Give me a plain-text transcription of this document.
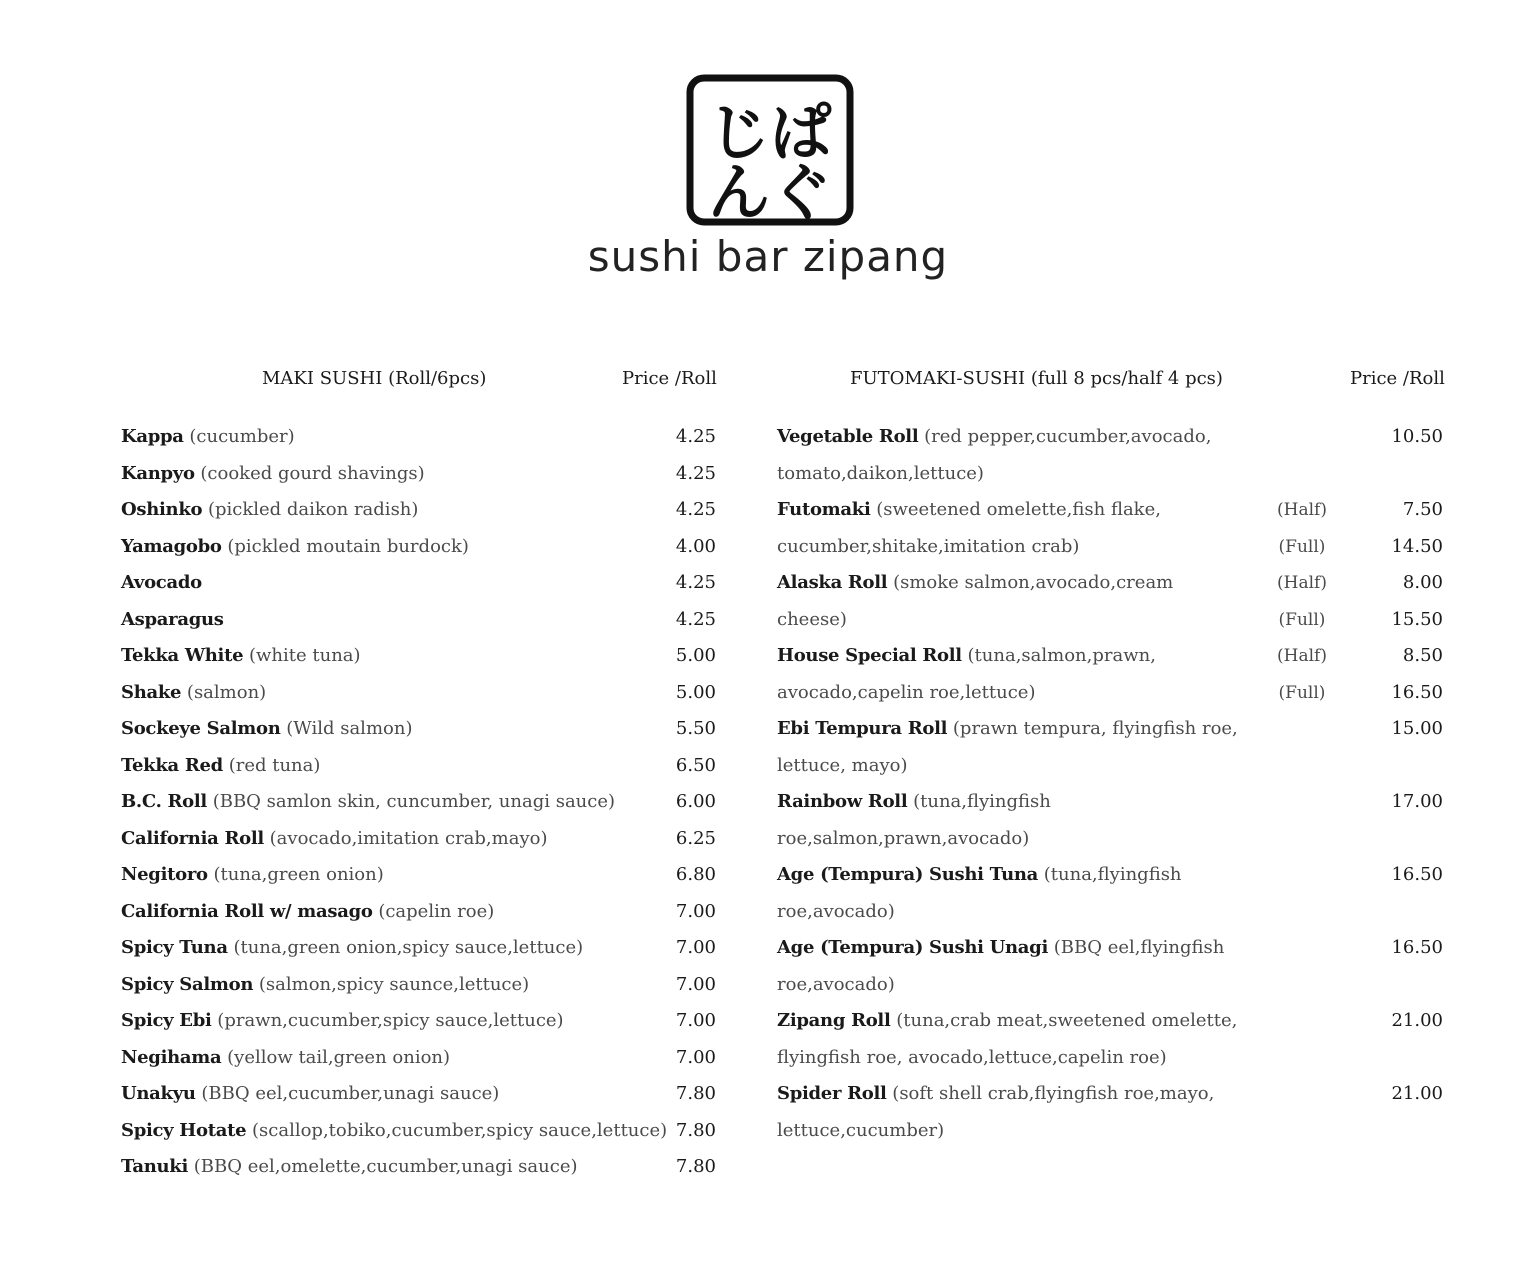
じぱ
んぐ
sushi bar zipang
MAKI SUSHI (Roll/6pcs)	Price /Roll	FUTOMAKI-SUSHI (full 8 pcs/half 4 pcs)	Price /Roll
Kappa (cucumber)	4.25
Kanpyo (cooked gourd shavings)	4.25
Oshinko (pickled daikon radish)	4.25
Yamagobo (pickled moutain burdock)	4.00
Avocado	4.25
Asparagus	4.25
Tekka White (white tuna)	5.00
Shake (salmon)	5.00
Sockeye Salmon (Wild salmon)	5.50
Tekka Red (red tuna)	6.50
B.C. Roll (BBQ samlon skin, cuncumber, unagi sauce)	6.00
California Roll (avocado,imitation crab,mayo)	6.25
Negitoro (tuna,green onion)	6.80
California Roll w/ masago (capelin roe)	7.00
Spicy Tuna (tuna,green onion,spicy sauce,lettuce)	7.00
Spicy Salmon (salmon,spicy saunce,lettuce)	7.00
Spicy Ebi (prawn,cucumber,spicy sauce,lettuce)	7.00
Negihama (yellow tail,green onion)	7.00
Unakyu (BBQ eel,cucumber,unagi sauce)	7.80
Spicy Hotate (scallop,tobiko,cucumber,spicy sauce,lettuce) 7.80
Tanuki (BBQ eel,omelette,cucumber,unagi sauce)	7.80
Vegetable Roll (red pepper,cucumber,avocado,	10.50
tomato,daikon,lettuce)
Futomaki (sweetened omelette,fish flake,	(Half)	7.50
cucumber,shitake,imitation crab)	(Full)	14.50
Alaska Roll (smoke salmon,avocado,cream	(Half)	8.00
cheese)	(Full)	15.50
House Special Roll (tuna,salmon,prawn,	(Half)	8.50
avocado,capelin roe,lettuce)	(Full)	16.50
Ebi Tempura Roll (prawn tempura, flyingfish roe,	15.00
lettuce, mayo)
Rainbow Roll (tuna,flyingfish	17.00
roe,salmon,prawn,avocado)
Age (Tempura) Sushi Tuna (tuna,flyingfish	16.50
roe,avocado)
Age (Tempura) Sushi Unagi (BBQ eel,flyingfish	16.50
roe,avocado)
Zipang Roll (tuna,crab meat,sweetened omelette,	21.00
flyingfish roe, avocado,lettuce,capelin roe)
Spider Roll (soft shell crab,flyingfish roe,mayo,	21.00
lettuce,cucumber)
